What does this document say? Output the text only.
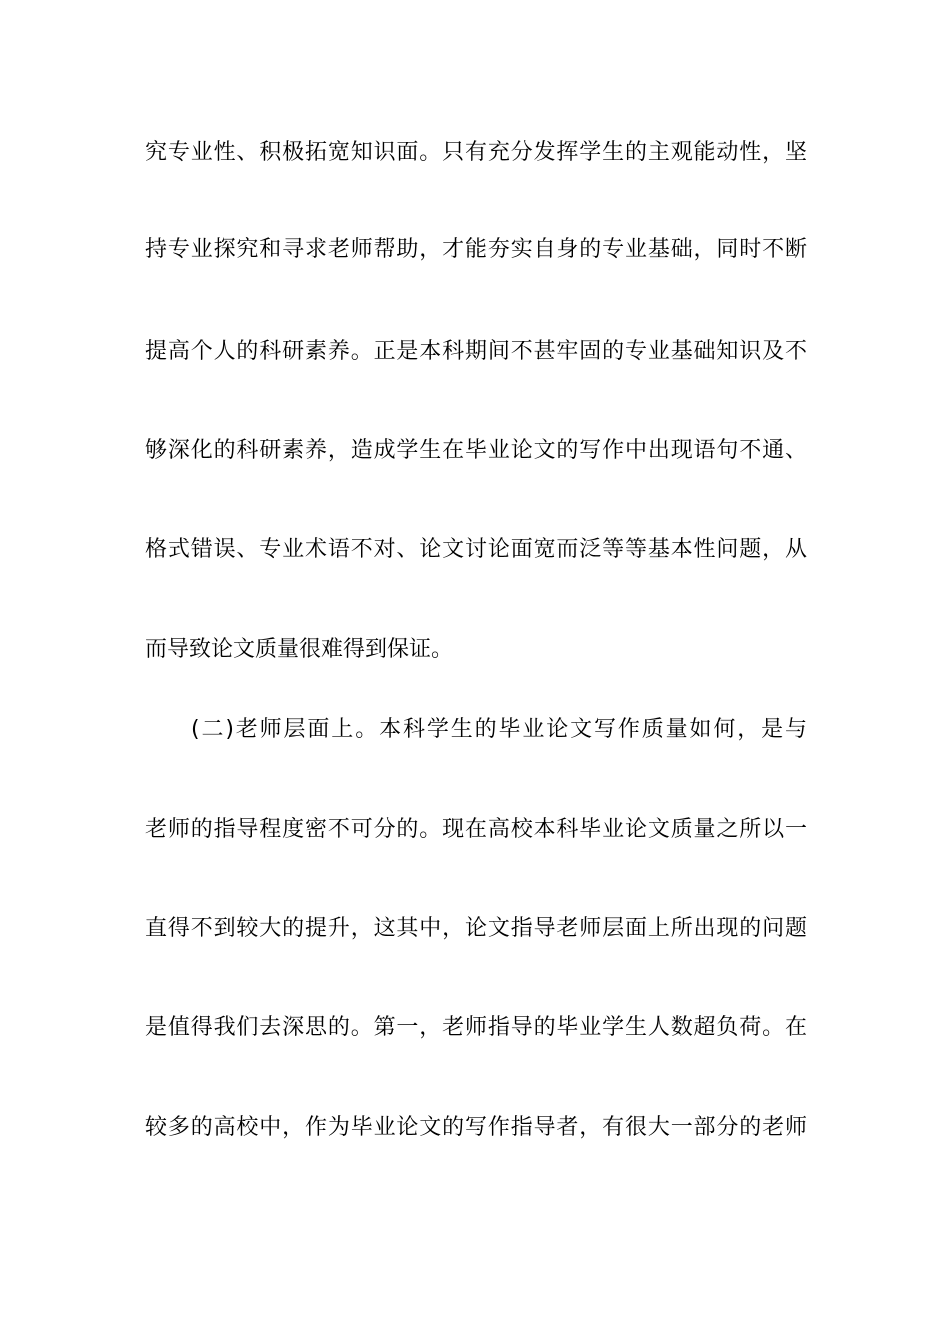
究专业性、积极拓宽知识面。只有充分发挥学生的主观能动性，坚
持专业探究和寻求老师帮助，才能夯实自身的专业基础，同时不断
提高个人的科研素养。正是本科期间不甚牢固的专业基础知识及不
够深化的科研素养，造成学生在毕业论文的写作中出现语句不通、
格式错误、专业术语不对、论文讨论面宽而泛等等基本性问题，从
而导致论文质量很难得到保证。
(二)老师层面上。本科学生的毕业论文写作质量如何，是与
老师的指导程度密不可分的。现在高校本科毕业论文质量之所以一
直得不到较大的提升，这其中，论文指导老师层面上所出现的问题
是值得我们去深思的。第一，老师指导的毕业学生人数超负荷。在
较多的高校中，作为毕业论文的写作指导者，有很大一部分的老师
